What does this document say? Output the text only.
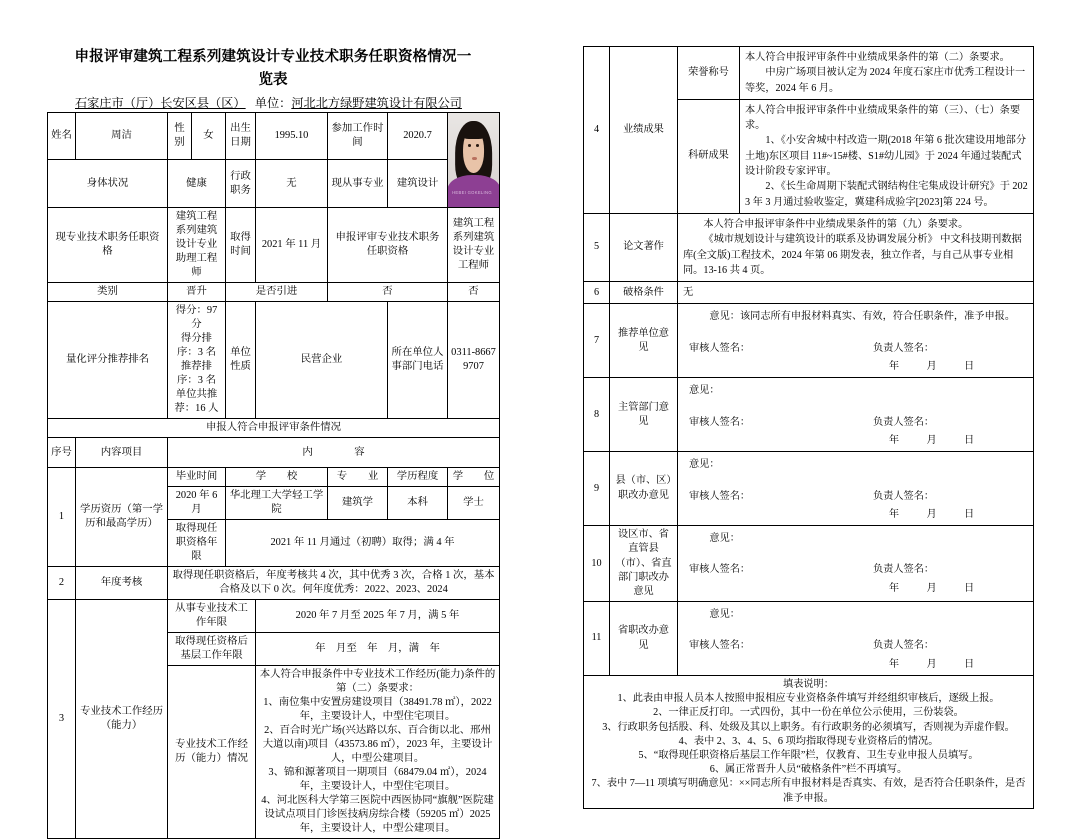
申报评审建筑工程系列建筑设计专业技术职务任职资格情况一
览表
石家庄市（厅）长安区县（区） 单位：河北北方绿野建筑设计有限公司
姓名	周洁	性别	女	出生日期	1995.10	参加工作时间	2020.7	HEBEI GOKELING

身体状况		健康		行政职务	无	现从事专业	建筑设计	
现专业技术职务任职资格		建筑工程系列建筑设计专业助理工程师		取得时间	2021 年 11 月	申报评审专业技术职务任职资格		建筑工程系列建筑设计专业工程师
类别		晋升		是否引进		否		否

量化评分推荐排名		得分：97 分
得分排序：3 名
推荐排序：3 名
单位共推荐：16 人		单位性质	民营企业		所在单位人事部门电话	0311-86679707
申报人符合申报评审条件情况								
序号	内容项目	内　　　　容						
1	学历资历（第一学历和最高学历）	毕业时间		学　　校		专　　业	学历程度	学　　位
		2020 年 6 月		华北理工大学轻工学院		建筑学	本科	学士
		取得现任职资格年限		2021 年 11 月通过（初聘）取得；满 4 年				
2	年度考核	取得现任职资格后，年度考核共 4 次，其中优秀 3 次，合格 1 次，基本合格及以下 0 次。何年度优秀：2022、2023、2024						
3	专业技术工作经历（能力）	从事专业技术工作年限			2020 年 7 月至 2025 年 7 月，满 5 年			
		取得现任资格后基层工作年限			年　月至　年　月，满　年			

		专业技术工作经历（能力）情况			本人符合申报条件中专业技术工作经历(能力)条件的第（二）条要求：
1、南位集中安置房建设项目（38491.78 ㎡），2022 年，主要设计人，中型住宅项目。
2、百合时光广场(兴达路以东、百合街以北、邢州大道以南)项目（43573.86 ㎡），2023 年，主要设计人，中型公建项目。
3、锦和源著项目一期项目（68479.04 ㎡），2024 年，主要设计人，中型住宅项目。
4、河北医科大学第三医院中西医协同“旗舰”医院建设试点项目门诊医技病房综合楼（59205 ㎡）2025 年，主要设计人，中型公建项目。			
4	业绩成果	荣誉称号	本人符合申报评审条件中业绩成果条件的第（二）条要求。
中房广场项目被认定为 2024 年度石家庄市优秀工程设计一等奖，2024 年 6 月。

		科研成果	本人符合申报评审条件中业绩成果条件的第（三）、（七）条要求。
1、《小安舍城中村改造一期(2018 年第 6 批次建设用地部分土地)东区项目 11#~15#楼、S1#幼儿园》于 2024 年通过装配式设计阶段专家评审。
2、《长生命周期下装配式钢结构住宅集成设计研究》于 2023 年 3 月通过验收鉴定，冀建科成验字[2023]第 224 号。

5	论文著作	本人符合申报评审条件中业绩成果条件的第（九）条要求。
《城市规划设计与建筑设计的联系及协调发展分析》 中文科技期刊数据库(全文版)工程技术，2024 年第 06 期发表，独立作者，与自己从事专业相同。13-16 共 4 页。	

6	破格条件	无	
7	推荐单位意见	意见：该同志所有申报材料真实、有效，符合任职条件，准予申报。
审核人签名： 负责人签名：
年 月 日	

8	主管部门意见	意见：
审核人签名： 负责人签名：
年 月 日	

9	县（市、区）职改办意见	意见：
审核人签名： 负责人签名：
年 月 日	

10	设区市、省直管县（市）、省直部门职改办意见	意见：
审核人签名： 负责人签名：
年 月 日	

11	省职改办意　　见	意见：
审核人签名： 负责人签名：
年 月 日	

填表说明：
1、此表由申报人员本人按照申报相应专业资格条件填写并经组织审核后，逐级上报。
2、一律正反打印。一式四份，其中一份在单位公示使用，三份装袋。
3、行政职务包括股、科、处级及其以上职务。有行政职务的必须填写，否则视为弄虚作假。
4、表中 2、3、4、5、6 项均指取得现专业资格后的情况。
5、“取得现任职资格后基层工作年限”栏，仅教育、卫生专业申报人员填写。
6、属正常晋升人员“破格条件”栏不再填写。
7、表中 7—11 项填写明确意见：××同志所有申报材料是否真实、有效，是否符合任职条件，是否准予申报。
